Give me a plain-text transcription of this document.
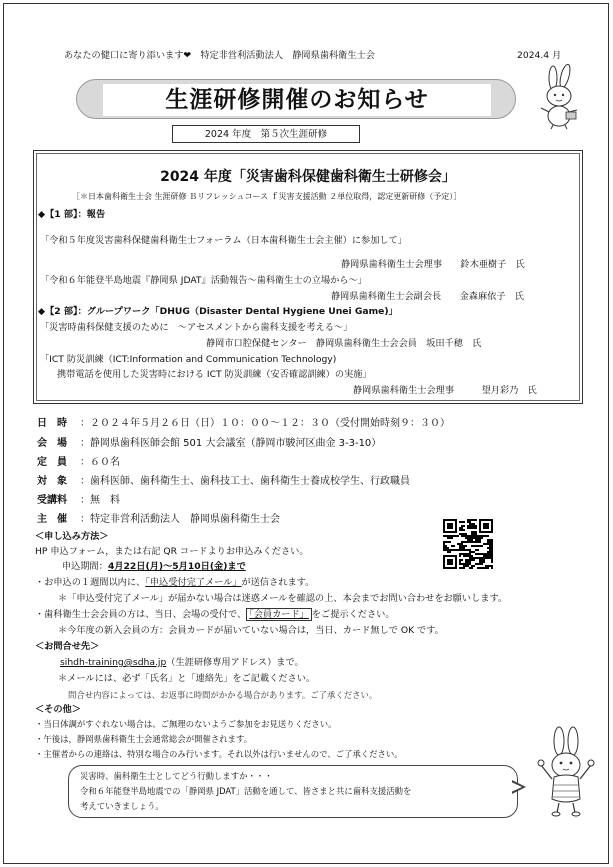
あなたの健口に寄り添います❤　特定非営利活動法人　静岡県歯科衛生士会	2024.4 月
生涯研修開催のお知らせ
2024 年度　第５次生涯研修
2024 年度「災害歯科保健歯科衛生士研修会」
［＊日本歯科衛生士会 生涯研修 Ｂリフレッシュコース ｆ災害支援活動 ２単位取得，認定更新研修（予定）］
◆【1 部】：報告
「令和５年度災害歯科保健歯科衛生士フォーラム（日本歯科衛生士会主催）に参加して」
静岡県歯科衛生士会理事　　鈴木亜樹子　氏
「令和６年能登半島地震『静岡県 JDAT』活動報告～歯科衛生士の立場から～」
静岡県歯科衛生士会副会長　　金森麻依子　氏
◆【2 部】：グループワーク「DHUG（Disaster Dental Hygiene Unei Game)」
「災害時歯科保健支援のために　～アセスメントから歯科支援を考える～」
静岡市口腔保健センター　静岡県歯科衛生士会会員　坂田千穂　氏
「ICT 防災訓練（ICT:Information and Communication Technology)
携帯電話を使用した災害時における ICT 防災訓練（安否確認訓練）の実施」
静岡県歯科衛生士会理事　　　望月彩乃　氏
日　時 ：２０２４年５月２６日（日）１０：００～１２：３０（受付開始時刻９：３０）
会　場 ：静岡県歯科医師会館 501 大会議室（静岡市駿河区曲金 3-3-10）
定　員 ：６０名
対　象 ：歯科医師、歯科衛生士、歯科技工士、歯科衛生士養成校学生、行政職員
受講料 ：無　料
主　催 ：特定非営利活動法人　静岡県歯科衛生士会
＜申し込み方法＞
HP 申込フォーム，または右記 QR コードよりお申込みください。
申込期間：4月22日(月)～5月10日(金)まで
・お申込の１週間以内に、「申込受付完了メール」が送信されます。
＊「申込受付完了メール」が届かない場合は迷惑メールを確認の上、本会までお問い合わせをお願いします。
・歯科衛生士会会員の方は、当日、会場の受付で、 「会員カード」 をご提示ください。
＊今年度の新入会員の方：会員カードが届いていない場合は，当日、カード無しで OK です。
＜お問合せ先＞
sihdh-training@sdha.jp（生涯研修専用アドレス）まで。
＊メールには、必ず「氏名」と「連絡先」をご記載ください。
問合せ内容によっては、お返事に時間がかかる場合があります。ご了承ください。
＜その他＞
・当日体調がすぐれない場合は、ご無理のないようご参加をお見送りください。
・午後は，静岡県歯科衛生士会通常総会が開催されます。
・主催者からの連絡は、特別な場合のみ行います。それ以外は行いませんので、ご了承ください。
災害時、歯科衛生士としてどう行動しますか・・・
令和６年能登半島地震での「静岡県 JDAT」活動を通して、皆さまと共に歯科支援活動を
考えていきましょう。
